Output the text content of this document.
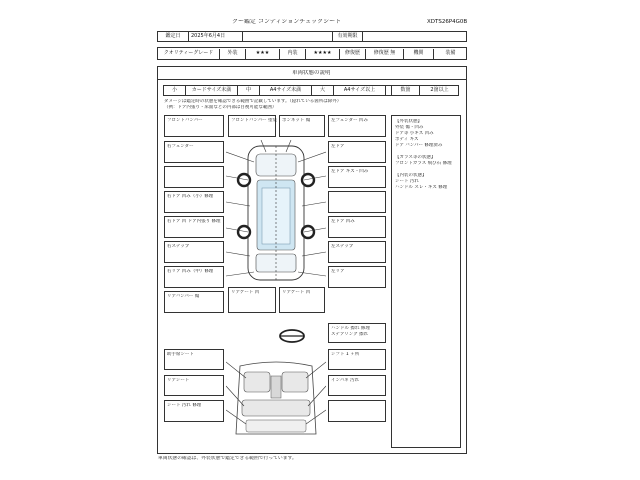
グー鑑定 コンディションチェックシート	XDTS26P4G0B
鑑定日	2025年6月4日	有効期限
クオリティーグレード	外装	★★★	内装	★★★★	修復歴	修復歴 無	機関	装備
車両状態の説明
小	カードサイズ未満	中	A4サイズ未満	大	A4サイズ以上	数箇	2箇以上
ダメージは鑑定時の状態を確認できる範囲で記載しています。（隠れている箇所は除外）
（例：ドア内張り・床面などの内部は目視可能な範囲）
フロントバンパー	フロントバンパー 塗装 ボンネット 傷	左フェンダー 凹み
右フェンダー	左ドア
左ドア キズ・凹み
右ドア 凹み（小）修理
右ドア 凹 ドア内張り 修理	左ドア 凹み
右ステップ	左ステップ
右リア 凹み（中）修理	左リア
リアバンパー 傷
リアゲート 凹	リアゲート 凹
【外装状態】
外装 傷・凹み
ドア等 小キズ 凹み
ボディ キズ
ドア バンパー 修理済み
【ガラス等の状態】
フロントガラス 飛び石 修理
【内装の状態】
シート 汚れ
ハンドル スレ・キズ 修理
ハンドル 擦れ 修理
ステアリング 擦れ
助手席シート	シフト 1 ヶ所
リアシート	インパネ 汚れ
シート 汚れ 修理
車両状態の確認は、外装状態で鑑定できる範囲で行っています。
